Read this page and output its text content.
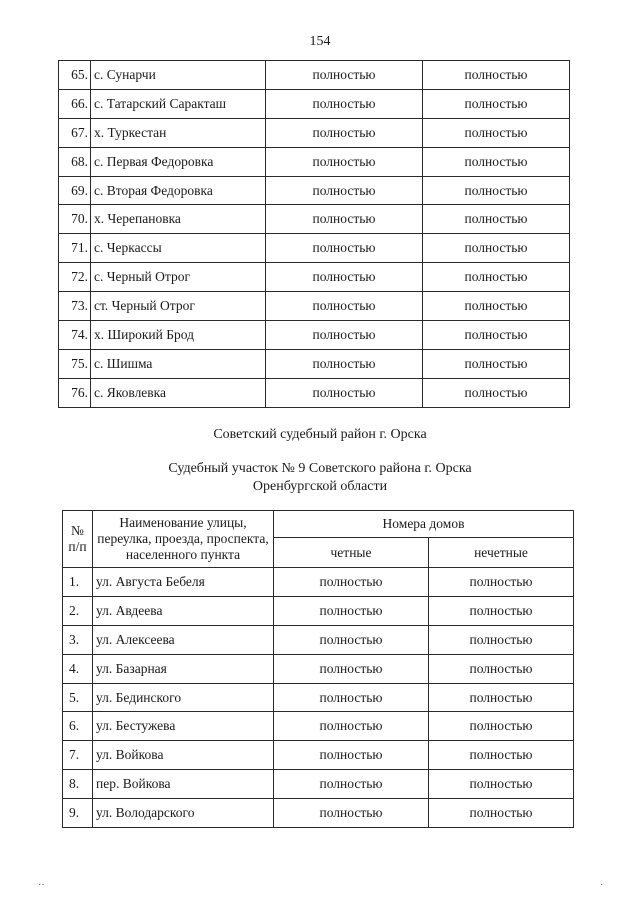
154
65.	с. Сунарчи	полностью	полностью
66.	с. Татарский Саракташ	полностью	полностью
67.	х. Туркестан	полностью	полностью
68.	с. Первая Федоровка	полностью	полностью
69.	с. Вторая Федоровка	полностью	полностью
70.	х. Черепановка	полностью	полностью
71.	с. Черкассы	полностью	полностью
72.	с. Черный Отрог	полностью	полностью
73.	ст. Черный Отрог	полностью	полностью
74.	х. Широкий Брод	полностью	полностью
75.	с. Шишма	полностью	полностью
76.	с. Яковлевка	полностью	полностью
Советский судебный район г. Орска
Судебный участок № 9 Советского района г. Орска
Оренбургской области
№ п/п	Наименование улицы, переулка, проезда, проспекта, населенного пункта	Номера домов	
		четные	нечетные
1.	ул. Августа Бебеля	полностью	полностью
2.	ул. Авдеева	полностью	полностью
3.	ул. Алексеева	полностью	полностью
4.	ул. Базарная	полностью	полностью
5.	ул. Бединского	полностью	полностью
6.	ул. Бестужева	полностью	полностью
7.	ул. Войкова	полностью	полностью
8.	пер. Войкова	полностью	полностью
9.	ул. Володарского	полностью	полностью
··	·
